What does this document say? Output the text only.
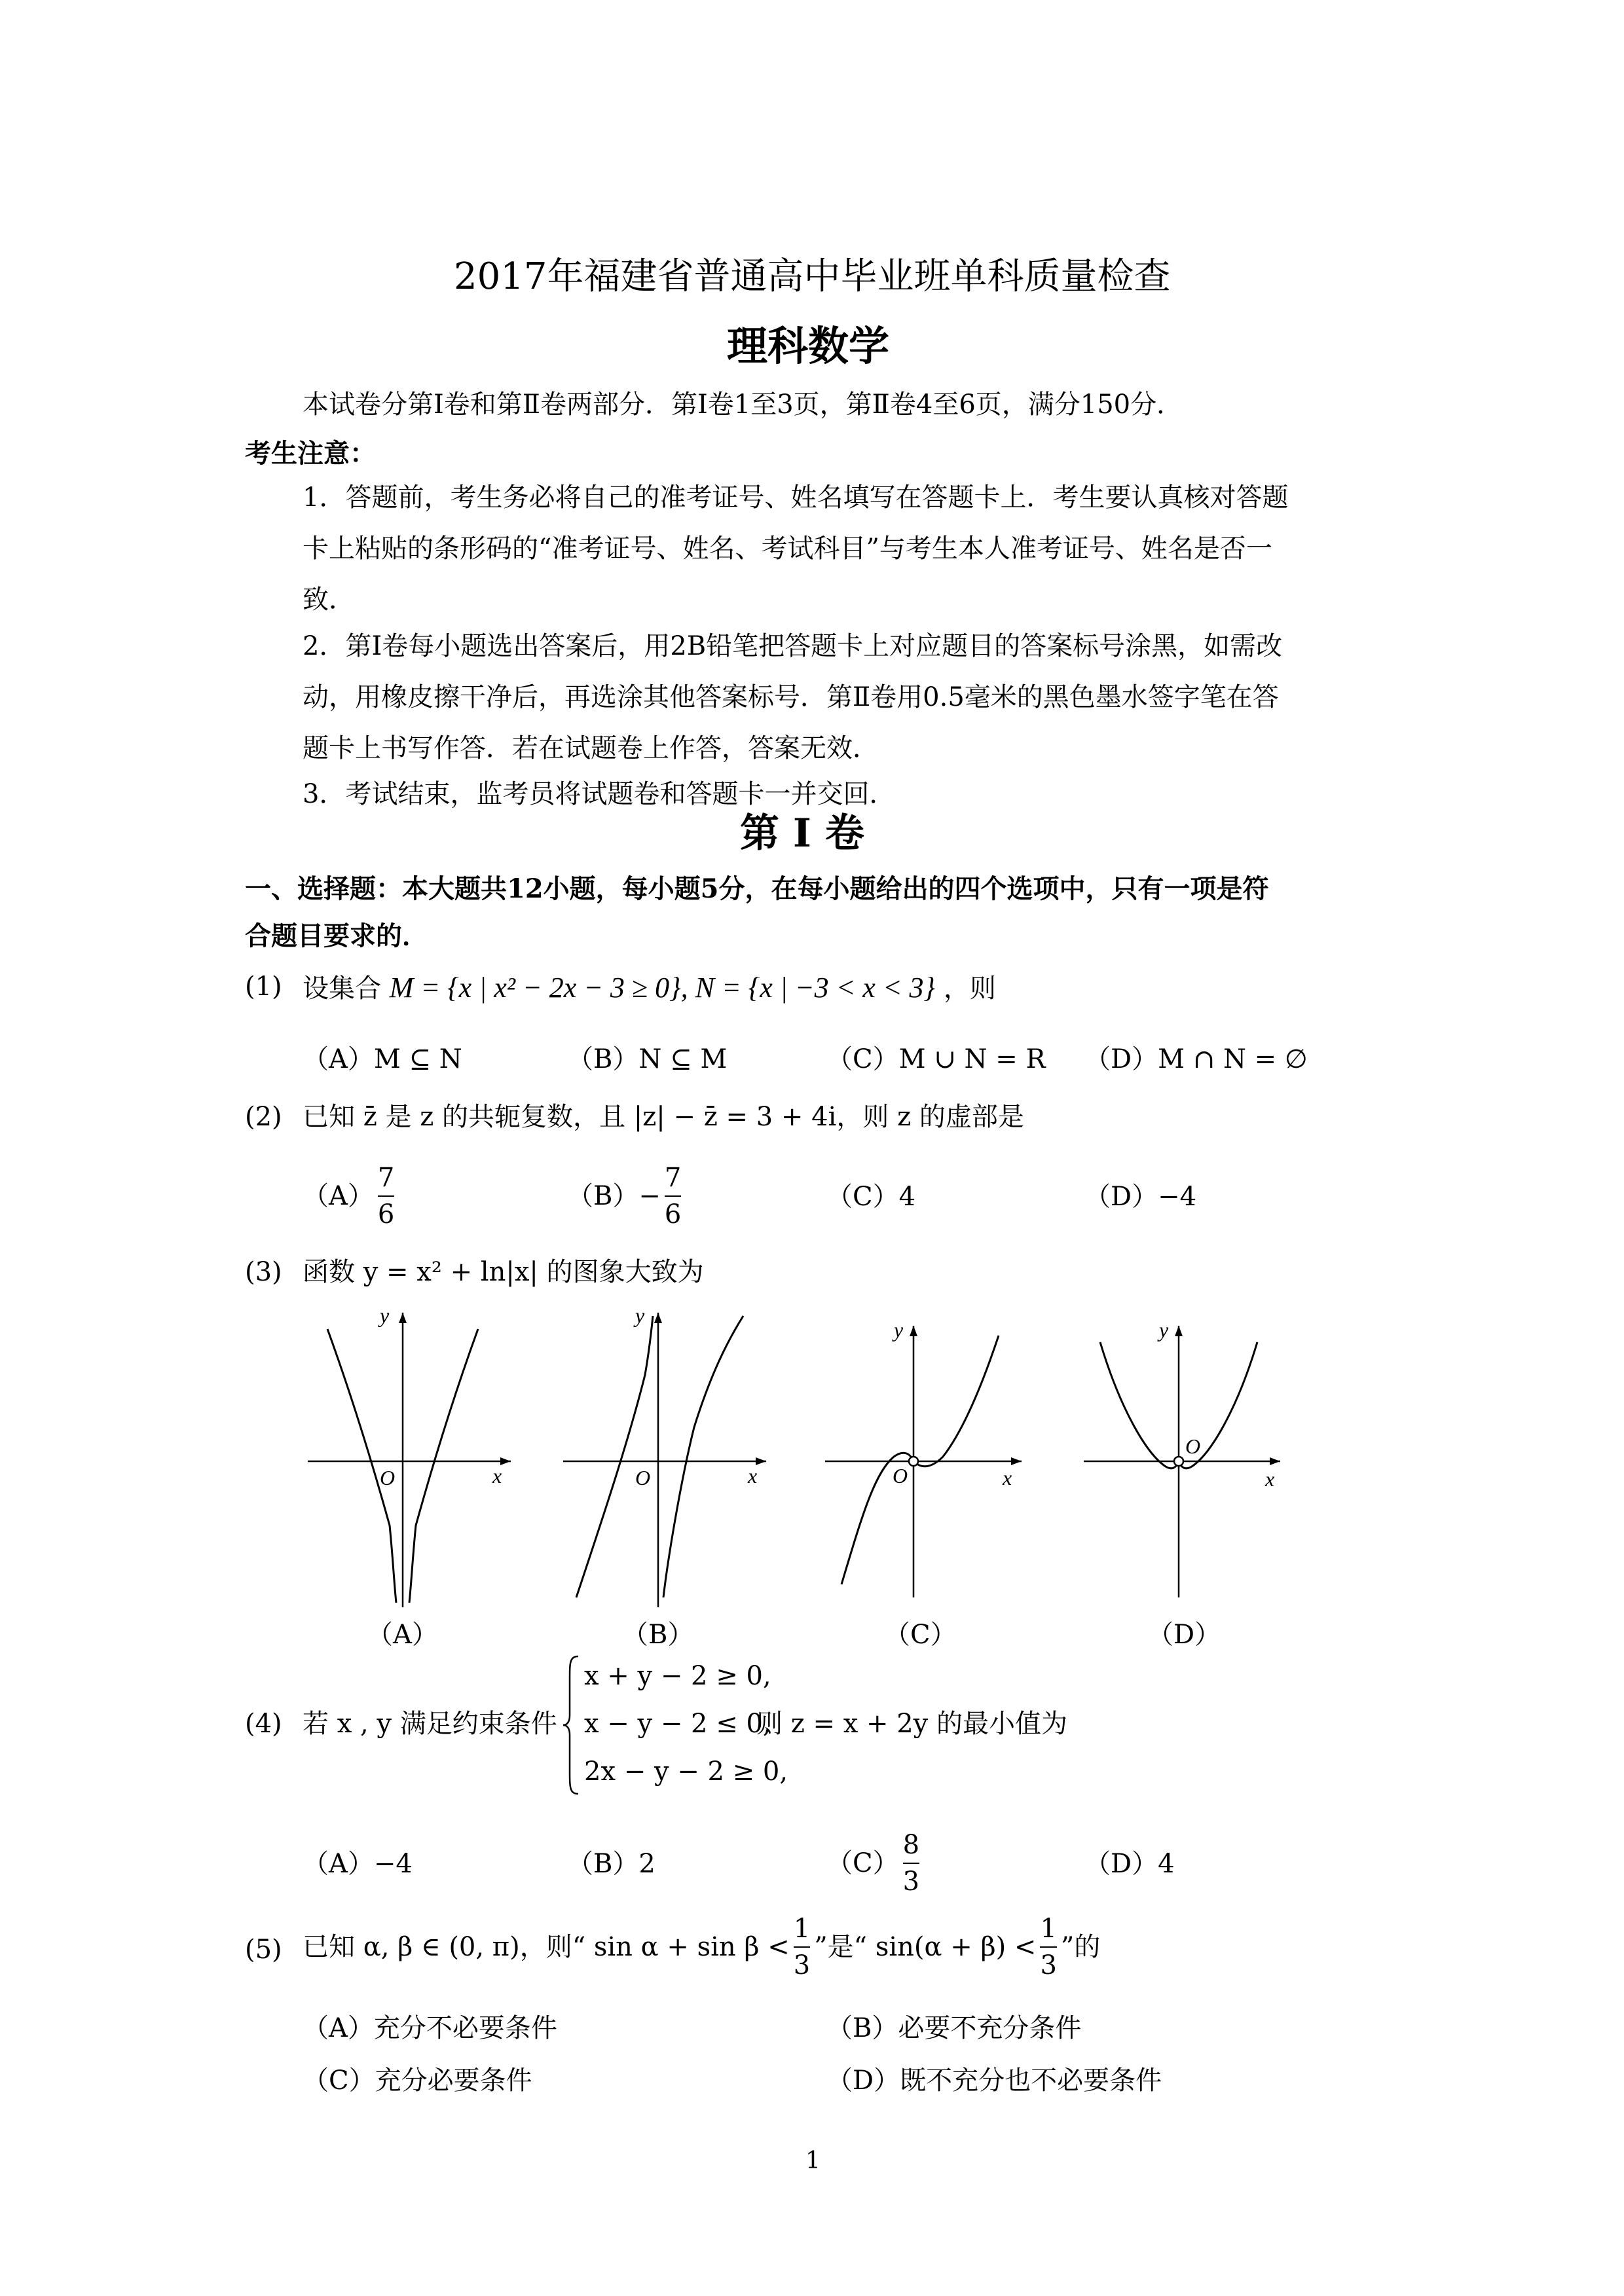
2017年福建省普通高中毕业班单科质量检查
理科数学
本试卷分第Ⅰ卷和第Ⅱ卷两部分．第Ⅰ卷1至3页，第Ⅱ卷4至6页，满分150分．
考生注意：
1．答题前，考生务必将自己的准考证号、姓名填写在答题卡上．考生要认真核对答题
卡上粘贴的条形码的“准考证号、姓名、考试科目”与考生本人准考证号、姓名是否一
致．
2．第Ⅰ卷每小题选出答案后，用2B铅笔把答题卡上对应题目的答案标号涂黑，如需改
动，用橡皮擦干净后，再选涂其他答案标号．第Ⅱ卷用0.5毫米的黑色墨水签字笔在答
题卡上书写作答．若在试题卷上作答，答案无效．
3．考试结束，监考员将试题卷和答题卡一并交回．
第 Ⅰ 卷
一、选择题：本大题共12小题，每小题5分，在每小题给出的四个选项中，只有一项是符
合题目要求的．
(1) 设集合 M = {x | x² − 2x − 3 ≥ 0}, N = {x | −3 < x < 3} ，则
（A）M ⊆ N	（B）N ⊆ M	（C）M ∪ N = R （D）M ∩ N = ∅
(2) 已知 z̄ 是 z 的共轭复数，且 |z| − z̄ = 3 + 4i，则 z 的虚部是
$(A) \frac{7}{6}$	$(B)- \frac{7}{6}$	（C）4	（D）−4
(3) 函数 y = x² + ln|x| 的图象大致为
y
x
O
（A）
y
x
O
（B）
y
x
O
（C）
y
x
O
（D）
(4) 若 x , y 满足约束条件
x + y − 2 ≥ 0,
x − y − 2 ≤ 0,
2x − y − 2 ≥ 0,
则 z = x + 2y 的最小值为
（A）−4	（B）2	$(C) \frac{8}{3}$	（D）4
(5) 已知 α, β ∈ (0, π)，则“ $\sin \alpha + \sin \beta < \frac{1}{3}$ ”是“ $\sin(\alpha + \beta) < \frac{1}{3}$ ”的
（A）充分不必要条件	（B）必要不充分条件
（C）充分必要条件	（D）既不充分也不必要条件
1
